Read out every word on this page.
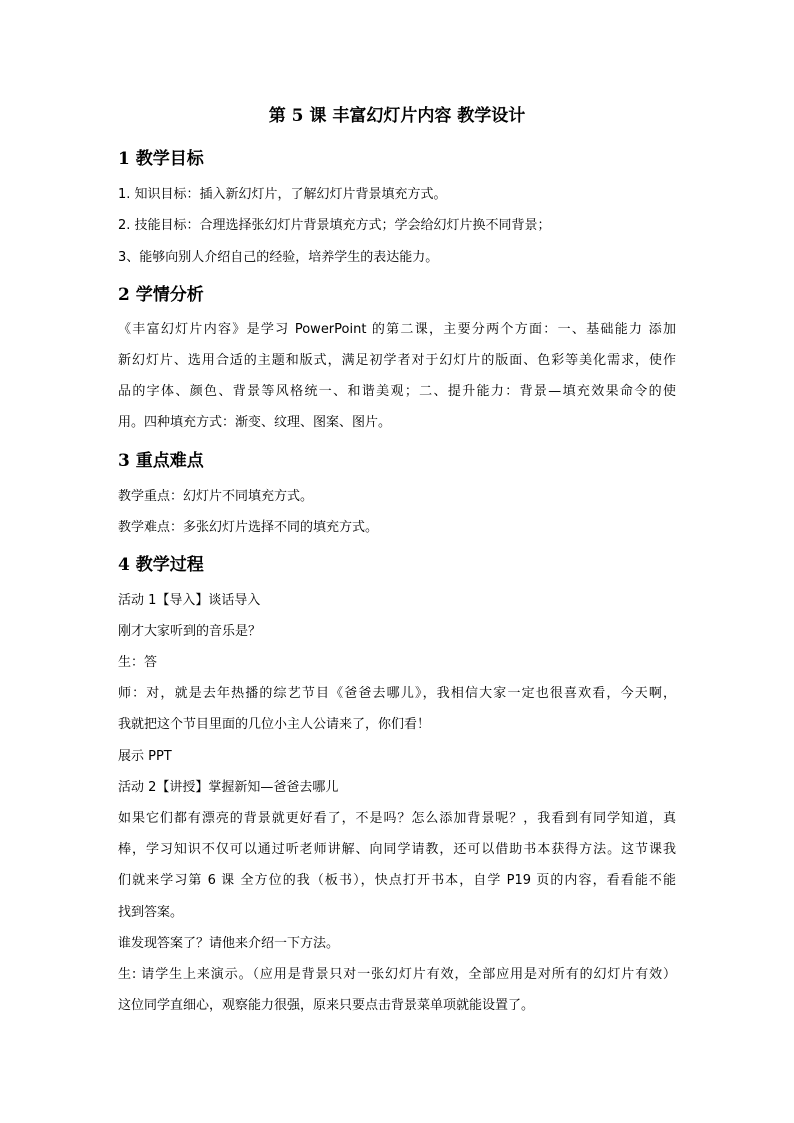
第 5 课 丰富幻灯片内容 教学设计
1 教学目标
1. 知识目标：插入新幻灯片，了解幻灯片背景填充方式。
2. 技能目标：合理选择张幻灯片背景填充方式；学会给幻灯片换不同背景；
3、能够向别人介绍自己的经验，培养学生的表达能力。
2 学情分析
《丰富幻灯片内容》是学习 PowerPoint 的第二课，主要分两个方面：一、基础能力 添加
新幻灯片、选用合适的主题和版式，满足初学者对于幻灯片的版面、色彩等美化需求，使作
品的字体、颜色、背景等风格统一、和谐美观；二、提升能力：背景—填充效果命令的使
用。四种填充方式：渐变、纹理、图案、图片。
3 重点难点
教学重点：幻灯片不同填充方式。
教学难点：多张幻灯片选择不同的填充方式。
4 教学过程
活动 1【导入】谈话导入
刚才大家听到的音乐是？
生：答
师：对，就是去年热播的综艺节目《爸爸去哪儿》，我相信大家一定也很喜欢看，今天啊，
我就把这个节目里面的几位小主人公请来了，你们看！
展示 PPT
活动 2【讲授】掌握新知—爸爸去哪儿
如果它们都有漂亮的背景就更好看了，不是吗？怎么添加背景呢？，我看到有同学知道，真
棒，学习知识不仅可以通过听老师讲解、向同学请教，还可以借助书本获得方法。这节课我
们就来学习第 6 课 全方位的我（板书），快点打开书本，自学 P19 页的内容，看看能不能
找到答案。
谁发现答案了？请他来介绍一下方法。
生: 请学生上来演示。（应用是背景只对一张幻灯片有效，全部应用是对所有的幻灯片有效）
这位同学直细心，观察能力很强，原来只要点击背景菜单项就能设置了。
